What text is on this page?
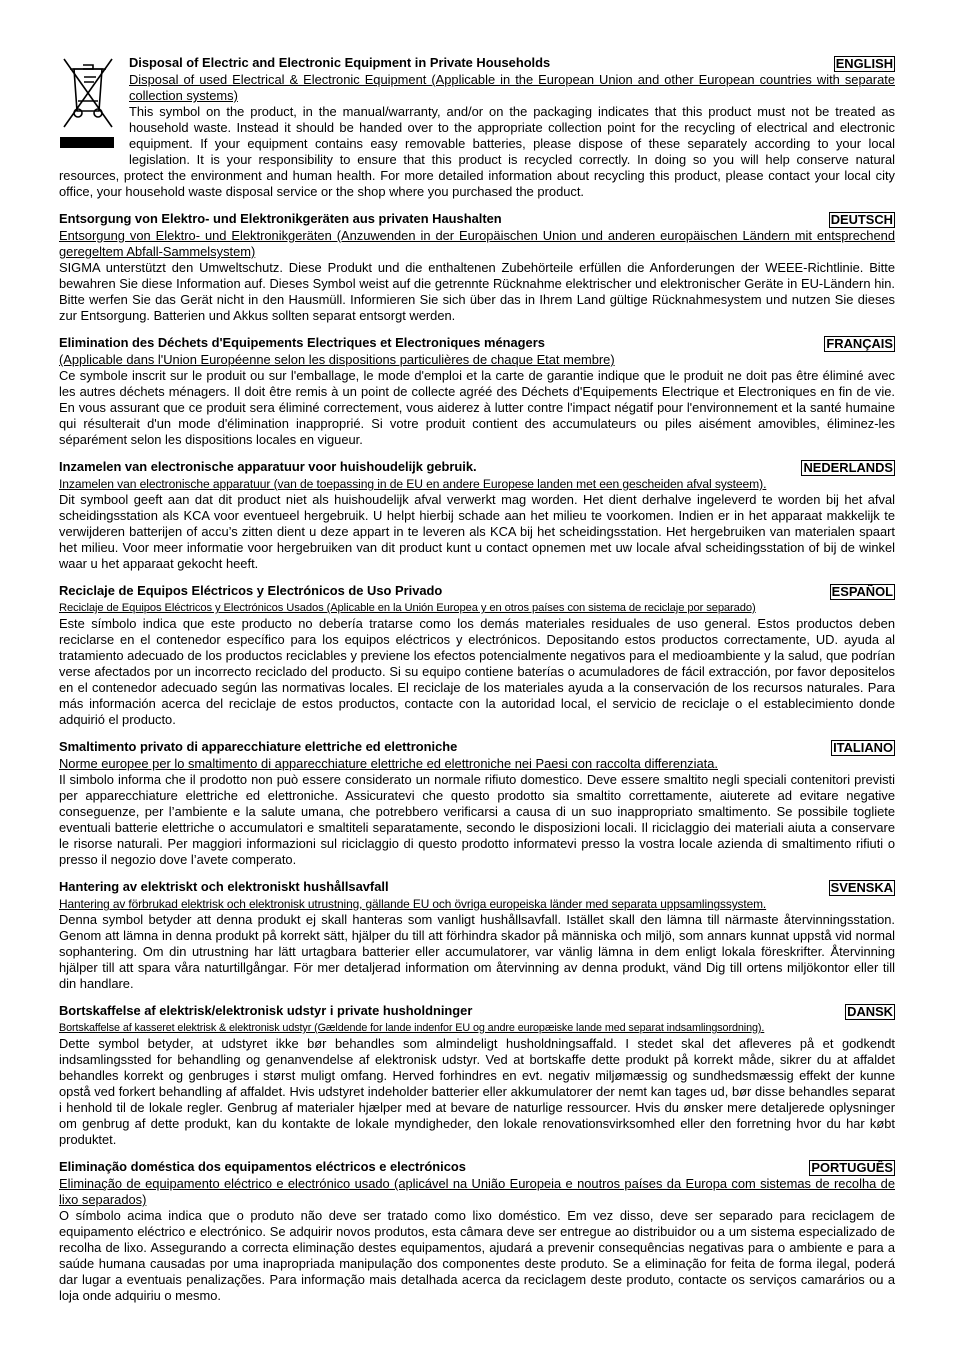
Disposal of Electric and Electronic Equipment in Private Households	ENGLISH
Disposal of used Electrical & Electronic Equipment (Applicable in the European Union and other European countries with separate collection systems)
This symbol on the product, in the manual/warranty, and/or on the packaging indicates that this product must not be treated as household waste. Instead it should be handed over to the appropriate collection point for the recycling of electrical and electronic equipment. If your equipment contains easy removable batteries, please dispose of these separately according to your local legislation. It is your responsibility to ensure that this product is recycled correctly. In doing so you will help conserve natural resources, protect the environment and human health. For more detailed information about recycling this product, please contact your local city office, your household waste disposal service or the shop where you purchased the product.
Entsorgung von Elektro- und Elektronikgeräten aus privaten Haushalten	DEUTSCH
Entsorgung von Elektro- und Elektronikgeräten (Anzuwenden in der Europäischen Union und anderen europäischen Ländern mit entsprechend geregeltem Abfall-Sammelsystem)
SIGMA unterstützt den Umweltschutz. Diese Produkt und die enthaltenen Zubehörteile erfüllen die Anforderungen der WEEE-Richtlinie. Bitte bewahren Sie diese Information auf. Dieses Symbol weist auf die getrennte Rücknahme elektrischer und elektronischer Geräte in EU-Ländern hin. Bitte werfen Sie das Gerät nicht in den Hausmüll. Informieren Sie sich über das in Ihrem Land gültige Rücknahmesystem und nutzen Sie dieses zur Entsorgung. Batterien und Akkus sollten separat entsorgt werden.
Elimination des Déchets d'Equipements Electriques et Electroniques ménagers	FRANÇAIS
(Applicable dans l'Union Européenne selon les dispositions particulières de chaque Etat membre)
Ce symbole inscrit sur le produit ou sur l'emballage, le mode d'emploi et la carte de garantie indique que le produit ne doit pas être éliminé avec les autres déchets ménagers. Il doit être remis à un point de collecte agréé des Déchets d'Equipements Electrique et Electroniques en fin de vie. En vous assurant que ce produit sera éliminé correctement, vous aiderez à lutter contre l'impact négatif pour l'environnement et la santé humaine qui résulterait d'un mode d'élimination inapproprié. Si votre produit contient des accumulateurs ou piles aisément amovibles, éliminez-les séparément selon les dispositions locales en vigueur.
Inzamelen van electronische apparatuur voor huishoudelijk gebruik.	NEDERLANDS
Inzamelen van electronische apparatuur (van de toepassing in de EU en andere Europese landen met een gescheiden afval systeem).
Dit symbool geeft aan dat dit product niet als huishoudelijk afval verwerkt mag worden. Het dient derhalve ingeleverd te worden bij het afval scheidingsstation als KCA voor eventueel hergebruik. U helpt hierbij schade aan het milieu te voorkomen. Indien er in het apparaat makkelijk te verwijderen batterijen of accu’s zitten dient u deze appart in te leveren als KCA bij het scheidingsstation. Het hergebruiken van materialen spaart het milieu. Voor meer informatie voor hergebruiken van dit product kunt u contact opnemen met uw locale afval scheidingsstation of bij de winkel waar u het apparaat gekocht heeft.
Reciclaje de Equipos Eléctricos y Electrónicos de Uso Privado	ESPAÑOL
Reciclaje de Equipos Eléctricos y Electrónicos Usados (Aplicable en la Unión Europea y en otros países con sistema de reciclaje por separado)
Este símbolo indica que este producto no debería tratarse como los demás materiales residuales de uso general. Estos productos deben reciclarse en el contenedor específico para los equipos eléctricos y electrónicos. Depositando estos productos correctamente, UD. ayuda al tratamiento adecuado de los productos reciclables y previene los efectos potencialmente negativos para el medioambiente y la salud, que podrían verse afectados por un incorrecto reciclado del producto. Si su equipo contiene baterías o acumuladores de fácil extracción, por favor depositelos en el contenedor adecuado según las normativas locales. El reciclaje de los materiales ayuda a la conservación de los recursos naturales. Para más información acerca del reciclaje de estos productos, contacte con la autoridad local, el servicio de reciclaje o el establecimiento donde adquirió el producto.
Smaltimento privato di apparecchiature elettriche ed elettroniche	ITALIANO
Norme europee per lo smaltimento di apparecchiature elettriche ed elettroniche nei Paesi con raccolta differenziata.
Il simbolo informa che il prodotto non può essere considerato un normale rifiuto domestico. Deve essere smaltito negli speciali contenitori previsti per apparecchiature elettriche ed elettroniche. Assicuratevi che questo prodotto sia smaltito correttamente, aiuterete ad evitare negative conseguenze, per l’ambiente e la salute umana, che potrebbero verificarsi a causa di un suo inappropriato smaltimento. Se possibile togliete eventuali batterie elettriche o accumulatori e smaltiteli separatamente, secondo le disposizioni locali. Il riciclaggio dei materiali aiuta a conservare le risorse naturali. Per maggiori informazioni sul riciclaggio di questo prodotto informatevi presso la vostra locale azienda di smaltimento rifiuti o presso il negozio dove l’avete comperato.
Hantering av elektriskt och elektroniskt hushållsavfall	SVENSKA
Hantering av förbrukad elektrisk och elektronisk utrustning, gällande EU och övriga europeiska länder med separata uppsamlingssystem.
Denna symbol betyder att denna produkt ej skall hanteras som vanligt hushållsavfall. Istället skall den lämna till närmaste återvinningsstation. Genom att lämna in denna produkt på korrekt sätt, hjälper du till att förhindra skador på människa och miljö, som annars kunnat uppstå vid normal sophantering. Om din utrustning har lätt urtagbara batterier eller accumulatorer, var vänlig lämna in dem enligt lokala föreskrifter. Återvinning hjälper till att spara våra naturtillgångar. För mer detaljerad information om återvinning av denna produkt, vänd Dig till ortens miljökontor eller till din handlare.
Bortskaffelse af elektrisk/elektronisk udstyr i private husholdninger	DANSK
Bortskaffelse af kasseret elektrisk & elektronisk udstyr (Gældende for lande indenfor EU og andre europæiske lande med separat indsamlingsordning).
Dette symbol betyder, at udstyret ikke bør behandles som almindeligt husholdningsaffald. I stedet skal det afleveres på et godkendt indsamlingssted for behandling og genanvendelse af elektronisk udstyr. Ved at bortskaffe dette produkt på korrekt måde, sikrer du at affaldet behandles korrekt og genbruges i størst muligt omfang. Herved forhindres en evt. negativ miljømæssig og sundhedsmæssig effekt der kunne opstå ved forkert behandling af affaldet. Hvis udstyret indeholder batterier eller akkumulatorer der nemt kan tages ud, bør disse behandles separat i henhold til de lokale regler. Genbrug af materialer hjælper med at bevare de naturlige ressourcer. Hvis du ønsker mere detaljerede oplysninger om genbrug af dette produkt, kan du kontakte de lokale myndigheder, den lokale renovationsvirksomhed eller den forretning hvor du har købt produktet.
Eliminação doméstica dos equipamentos eléctricos e electrónicos	PORTUGUÊS
Eliminação de equipamento eléctrico e electrónico usado (aplicável na União Europeia e noutros países da Europa com sistemas de recolha de lixo separados)
O símbolo acima indica que o produto não deve ser tratado como lixo doméstico. Em vez disso, deve ser separado para reciclagem de equipamento eléctrico e electrónico. Se adquirir novos produtos, esta câmara deve ser entregue ao distribuidor ou a um sistema especializado de recolha de lixo. Assegurando a correcta eliminação destes equipamentos, ajudará a prevenir consequências negativas para o ambiente e para a saúde humana causadas por uma inapropriada manipulação dos componentes deste produto. Se a eliminação for feita de forma ilegal, poderá dar lugar a eventuais penalizações. Para informação mais detalhada acerca da reciclagem deste produto, contacte os serviços camarários ou a loja onde adquiriu o mesmo.
